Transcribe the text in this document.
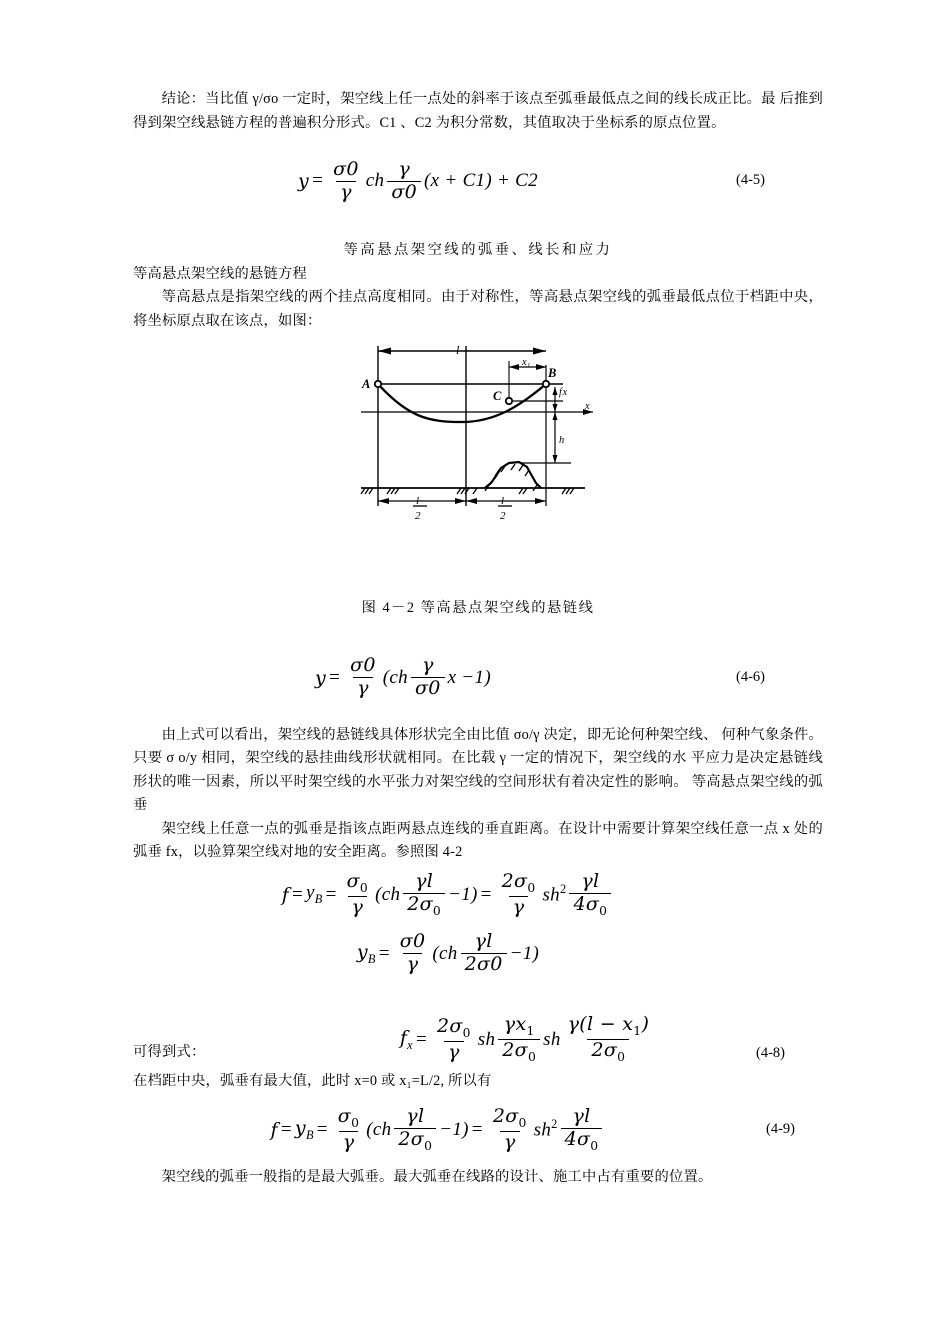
结论：当比值 γ/σo 一定时，架空线上任一点处的斜率于该点至弧垂最低点之间的线长成正比。最 后推到得到架空线悬链方程的普遍积分形式。C1 、C2 为积分常数，其值取决于坐标系的原点位置。

$y = \frac{\sigma 0}{\gamma}$ ch $\frac{\gamma}{\sigma 0} (x + C1) + C2$	(4-5)

等高悬点架空线的弧垂、线长和应力

等高悬点架空线的悬链方程

等高悬点是指架空线的两个挂点高度相同。由于对称性，等高悬点架空线的弧垂最低点位于档距中央，将坐标原点取在该点，如图：

A
B
C
l
x₁
x
f x
h
l
2
l
2

图 4－2 等高悬点架空线的悬链线

$y = \frac{\sigma 0}{\gamma} (ch \frac{\gamma}{\sigma 0}$ x −1)	(4-6)

由上式可以看出，架空线的悬链线具体形状完全由比值 σo/γ 决定，即无论何种架空线、 何种气象条件。只要 σ o/y 相同，架空线的悬挂曲线形状就相同。在比载 γ 一定的情况下，架空线的水 平应力是决定悬链线形状的唯一因素，所以平时架空线的水平张力对架空线的空间形状有着决定性的影响。 等高悬点架空线的弧垂

架空线上任意一点的弧垂是指该点距两悬点连线的垂直距离。在设计中需要计算架空线任意一点 x 处的弧垂 fx，以验算架空线对地的安全距离。参照图 4-2

$f = y_B = \frac{\sigma_0}{\gamma} (ch \frac{\gamma l}{2\sigma_0} -1) = \frac{2\sigma_0}{\gamma} sh^2 \frac{\gamma l}{4\sigma_0}$
$y_B = \frac{\sigma 0}{\gamma} (ch \frac{\gamma l}{2\sigma 0} -1)$
$f_x = \frac{2\sigma_0}{\gamma}$ sh $\frac{\gamma x_1}{2\sigma_0}$ sh $\frac{\gamma(l - x_1)}{2\sigma_0}$	(4-8)

可得到式：

在档距中央，弧垂有最大值，此时 x=0 或 x₁=L/2, 所以有

$f = y_B = \frac{\sigma_0}{\gamma} (ch \frac{\gamma l}{2\sigma_0} -1) = \frac{2\sigma_0}{\gamma} sh^2 \frac{\gamma l}{4\sigma_0}$	(4-9)

架空线的弧垂一般指的是最大弧垂。最大弧垂在线路的设计、施工中占有重要的位置。
